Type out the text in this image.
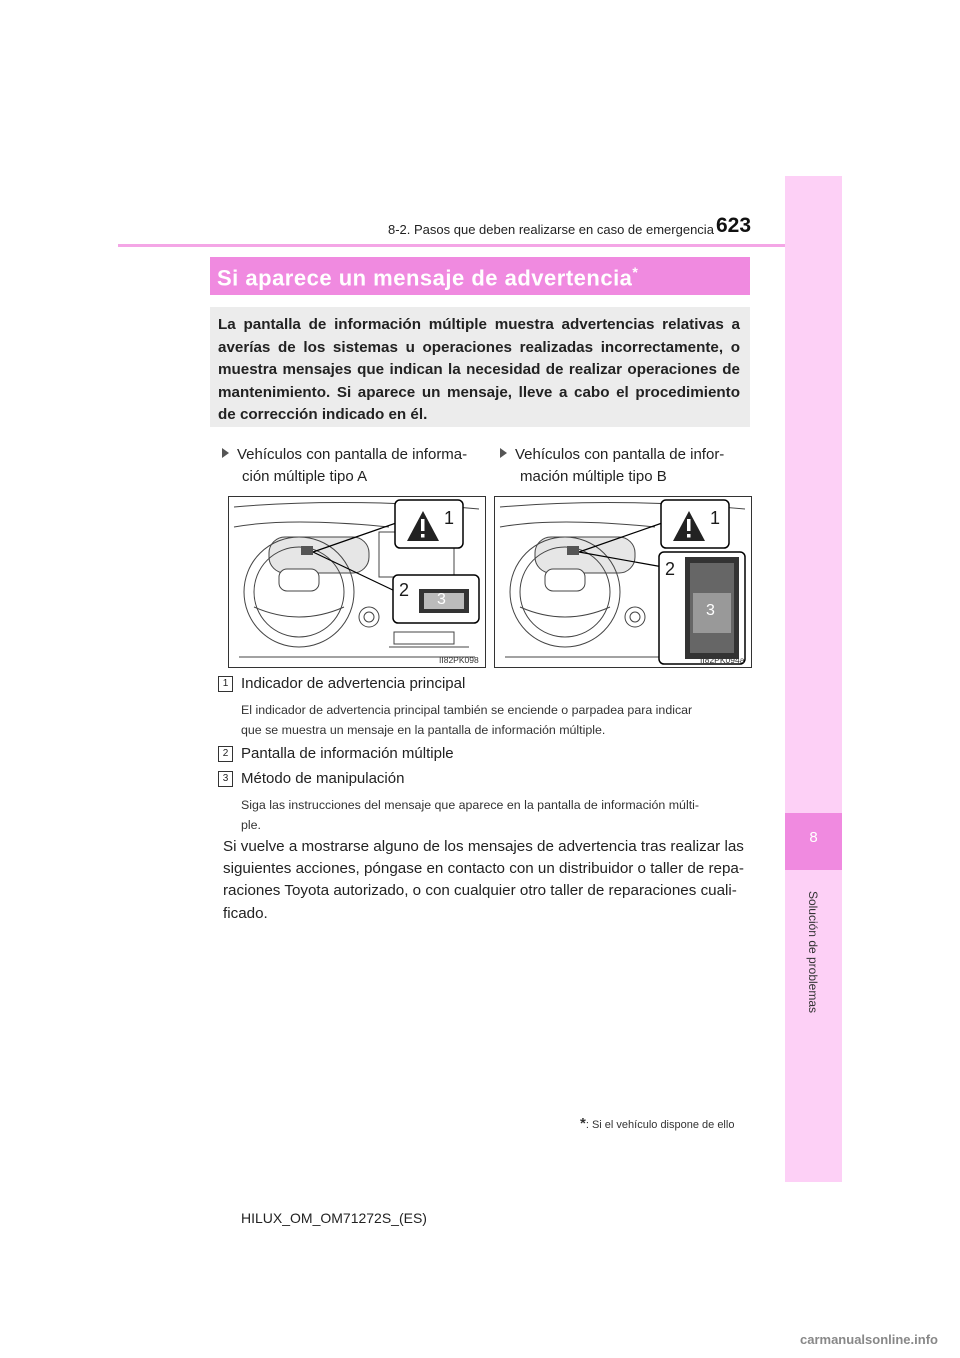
8-2. Pasos que deben realizarse en caso de emergencia 623
8
Solución de problemas
Si aparece un mensaje de advertencia*
La pantalla de información múltiple muestra advertencias relativas a averías de los sistemas u operaciones realizadas incorrectamente, o muestra mensajes que indican la necesidad de realizar operaciones de mantenimiento. Si aparece un mensaje, lleve a cabo el procedimiento de corrección indicado en él.
Vehículos con pantalla de informa-
ción múltiple tipo A
Vehículos con pantalla de infor-
mación múltiple tipo B
II82PK098
1
2 3
II82PK094a
1
2
3
1 Indicador de advertencia principal
El indicador de advertencia principal también se enciende o parpadea para indicar
que se muestra un mensaje en la pantalla de información múltiple.
2 Pantalla de información múltiple
3 Método de manipulación
Siga las instrucciones del mensaje que aparece en la pantalla de información múlti-
ple.
Si vuelve a mostrarse alguno de los mensajes de advertencia tras realizar las
siguientes acciones, póngase en contacto con un distribuidor o taller de repa-
raciones Toyota autorizado, o con cualquier otro taller de reparaciones cuali-
ficado.
*: Si el vehículo dispone de ello
HILUX_OM_OM71272S_(ES)
carmanualsonline.info
